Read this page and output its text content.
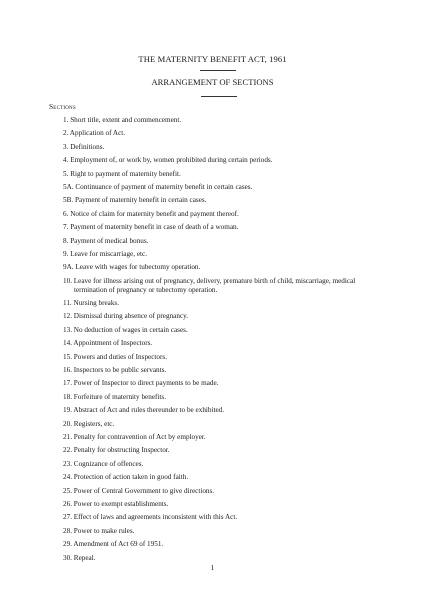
THE MATERNITY BENEFIT ACT, 1961
ARRANGEMENT OF SECTIONS
Sections
1. Short title, extent and commencement.
2. Application of Act.
3. Definitions.
4. Employment of, or work by, women prohibited during certain periods.
5. Right to payment of maternity benefit.
5A. Continuance of payment of maternity benefit in certain cases.
5B. Payment of maternity benefit in certain cases.
6. Notice of claim for maternity benefit and payment thereof.
7. Payment of maternity benefit in case of death of a woman.
8. Payment of medical bonus.
9. Leave for miscarriage, etc.
9A. Leave with wages for tubectomy operation.
10. Leave for illness arising out of pregnancy, delivery, premature birth of child, miscarriage, medical
termination of pregnancy or tubectomy operation.
11. Nursing breaks.
12. Dismissal during absence of pregnancy.
13. No deduction of wages in certain cases.
14. Appointment of Inspectors.
15. Powers and duties of Inspectors.
16. Inspectors to be public servants.
17. Power of Inspector to direct payments to be made.
18. Forfeiture of maternity benefits.
19. Abstract of Act and rules thereunder to be exhibited.
20. Registers, etc.
21. Penalty for contravention of Act by employer.
22. Penalty for obstructing Inspector.
23. Cognizance of offences.
24. Protection of action taken in good faith.
25. Power of Central Government to give directions.
26. Power to exempt establishments.
27. Effect of laws and agreements inconsistent with this Act.
28. Power to make rules.
29. Amendment of Act 69 of 1951.
30. Repeal.
1
